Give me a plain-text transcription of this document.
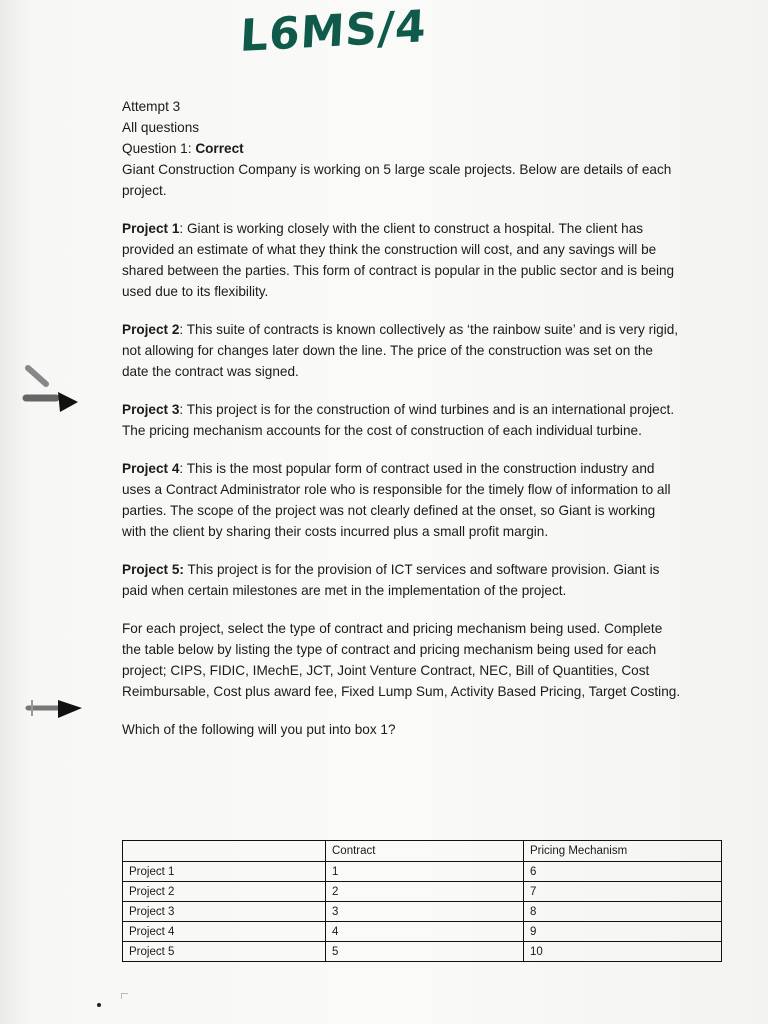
L6MS/4

Attempt 3

All questions

Question 1: Correct

Giant Construction Company is working on 5 large scale projects. Below are details of each project.

Project 1: Giant is working closely with the client to construct a hospital. The client has provided an estimate of what they think the construction will cost, and any savings will be shared between the parties. This form of contract is popular in the public sector and is being used due to its flexibility.

Project 2: This suite of contracts is known collectively as ‘the rainbow suite’ and is very rigid, not allowing for changes later down the line. The price of the construction was set on the date the contract was signed.

Project 3: This project is for the construction of wind turbines and is an international project. The pricing mechanism accounts for the cost of construction of each individual turbine.

Project 4: This is the most popular form of contract used in the construction industry and uses a Contract Administrator role who is responsible for the timely flow of information to all parties. The scope of the project was not clearly defined at the onset, so Giant is working with the client by sharing their costs incurred plus a small profit margin.

Project 5: This project is for the provision of ICT services and software provision. Giant is paid when certain milestones are met in the implementation of the project.

For each project, select the type of contract and pricing mechanism being used. Complete the table below by listing the type of contract and pricing mechanism being used for each project; CIPS, FIDIC, IMechE, JCT, Joint Venture Contract, NEC, Bill of Quantities, Cost Reimbursable, Cost plus award fee, Fixed Lump Sum, Activity Based Pricing, Target Costing.

Which of the following will you put into box 1?

	Contract	Pricing Mechanism
Project 1	1	6
Project 2	2	7
Project 3	3	8
Project 4	4	9
Project 5	5	10
